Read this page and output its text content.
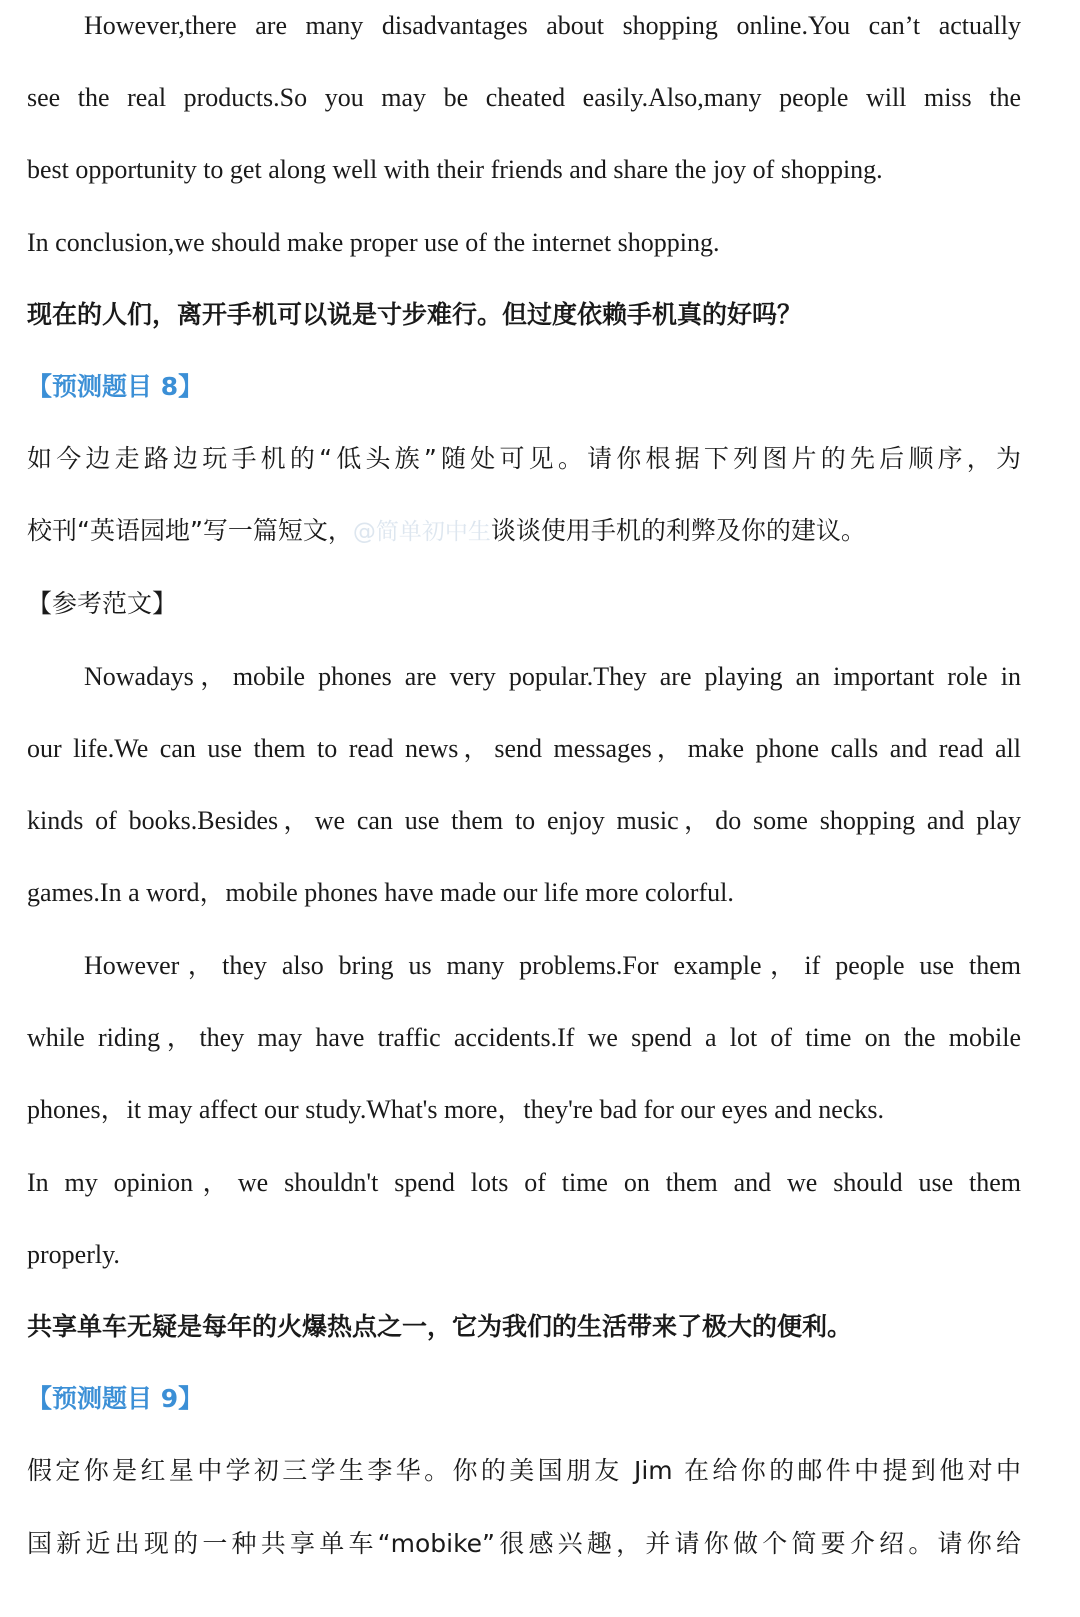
However,there are many disadvantages about shopping online.You can’t actually
see the real products.So you may be cheated easily.Also,many people will miss the
best opportunity to get along well with their friends and share the joy of shopping.
In conclusion,we should make proper use of the internet shopping.
现在的人们，离开手机可以说是寸步难行。但过度依赖手机真的好吗？
【预测题目 8】
如今边走路边玩手机的“低头族”随处可见。请你根据下列图片的先后顺序，为
校刊“英语园地”写一篇短文，@简单初中生谈谈使用手机的利弊及你的建议。
【参考范文】
Nowadays，mobile phones are very popular.They are playing an important role in
our life.We can use them to read news，send messages，make phone calls and read all
kinds of books.Besides，we can use them to enjoy music，do some shopping and play
games.In a word，mobile phones have made our life more colorful.
However，they also bring us many problems.For example，if people use them
while riding，they may have traffic accidents.If we spend a lot of time on the mobile
phones，it may affect our study.What's more，they're bad for our eyes and necks.
In my opinion，we shouldn't spend lots of time on them and we should use them
properly.
共享单车无疑是每年的火爆热点之一，它为我们的生活带来了极大的便利。
【预测题目 9】
假定你是红星中学初三学生李华。你的美国朋友 Jim 在给你的邮件中提到他对中
国新近出现的一种共享单车“mobike”很感兴趣，并请你做个简要介绍。请你给
